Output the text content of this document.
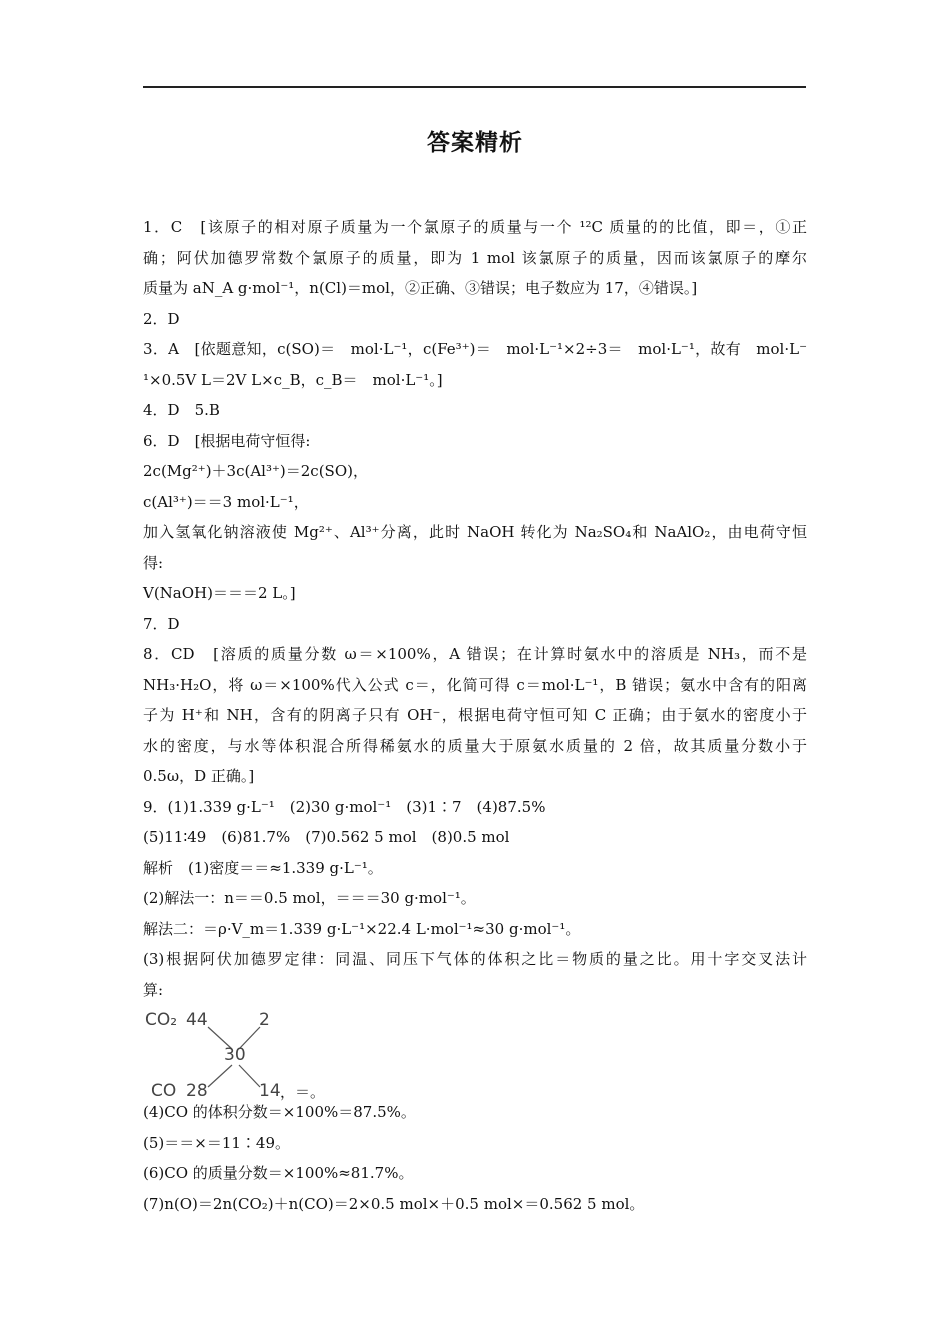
答案精析
1．C　[该原子的相对原子质量为一个氯原子的质量与一个 ¹²C 质量的的比值，即＝，①正
确；阿伏加德罗常数个氯原子的质量，即为 1 mol 该氯原子的质量，因而该氯原子的摩尔
质量为 aN_A g·mol⁻¹，n(Cl)＝mol，②正确、③错误；电子数应为 17，④错误。]
2．D
3．A　[依题意知，c(SO)＝　mol·L⁻¹，c(Fe³⁺)＝　mol·L⁻¹×2÷3＝　mol·L⁻¹，故有　mol·L⁻
¹×0.5V L＝2V L×c_B，c_B＝　mol·L⁻¹。]
4．D　5.B
6．D　[根据电荷守恒得:
2c(Mg²⁺)＋3c(Al³⁺)＝2c(SO)，
c(Al³⁺)＝＝3 mol·L⁻¹，
加入氢氧化钠溶液使 Mg²⁺、Al³⁺分离，此时 NaOH 转化为 Na₂SO₄和 NaAlO₂，由电荷守恒
得:
V(NaOH)＝＝＝2 L。]
7．D
8．CD　[溶质的质量分数 ω＝×100%，A 错误；在计算时氨水中的溶质是 NH₃，而不是
NH₃·H₂O，将 ω＝×100%代入公式 c＝，化简可得 c＝mol·L⁻¹，B 错误；氨水中含有的阳离
子为 H⁺和 NH，含有的阴离子只有 OH⁻，根据电荷守恒可知 C 正确；由于氨水的密度小于
水的密度，与水等体积混合所得稀氨水的质量大于原氨水质量的 2 倍，故其质量分数小于
0.5ω，D 正确。]
9．(1)1.339 g·L⁻¹　(2)30 g·mol⁻¹　(3)1∶7　(4)87.5%
(5)11∶49　(6)81.7%　(7)0.562 5 mol　(8)0.5 mol
解析　(1)密度＝＝≈1.339 g·L⁻¹。
(2)解法一：n＝＝0.5 mol，＝＝＝30 g·mol⁻¹。
解法二：＝ρ·V_m＝1.339 g·L⁻¹×22.4 L·mol⁻¹≈30 g·mol⁻¹。
(3)根据阿伏加德罗定律：同温、同压下气体的体积之比＝物质的量之比。用十字交叉法计
算:
CO₂ 44	2
30
CO 28	14 ，＝。
(4)CO 的体积分数＝×100%＝87.5%。
(5)＝＝×＝11∶49。
(6)CO 的质量分数＝×100%≈81.7%。
(7)n(O)＝2n(CO₂)＋n(CO)＝2×0.5 mol×＋0.5 mol×＝0.562 5 mol。
